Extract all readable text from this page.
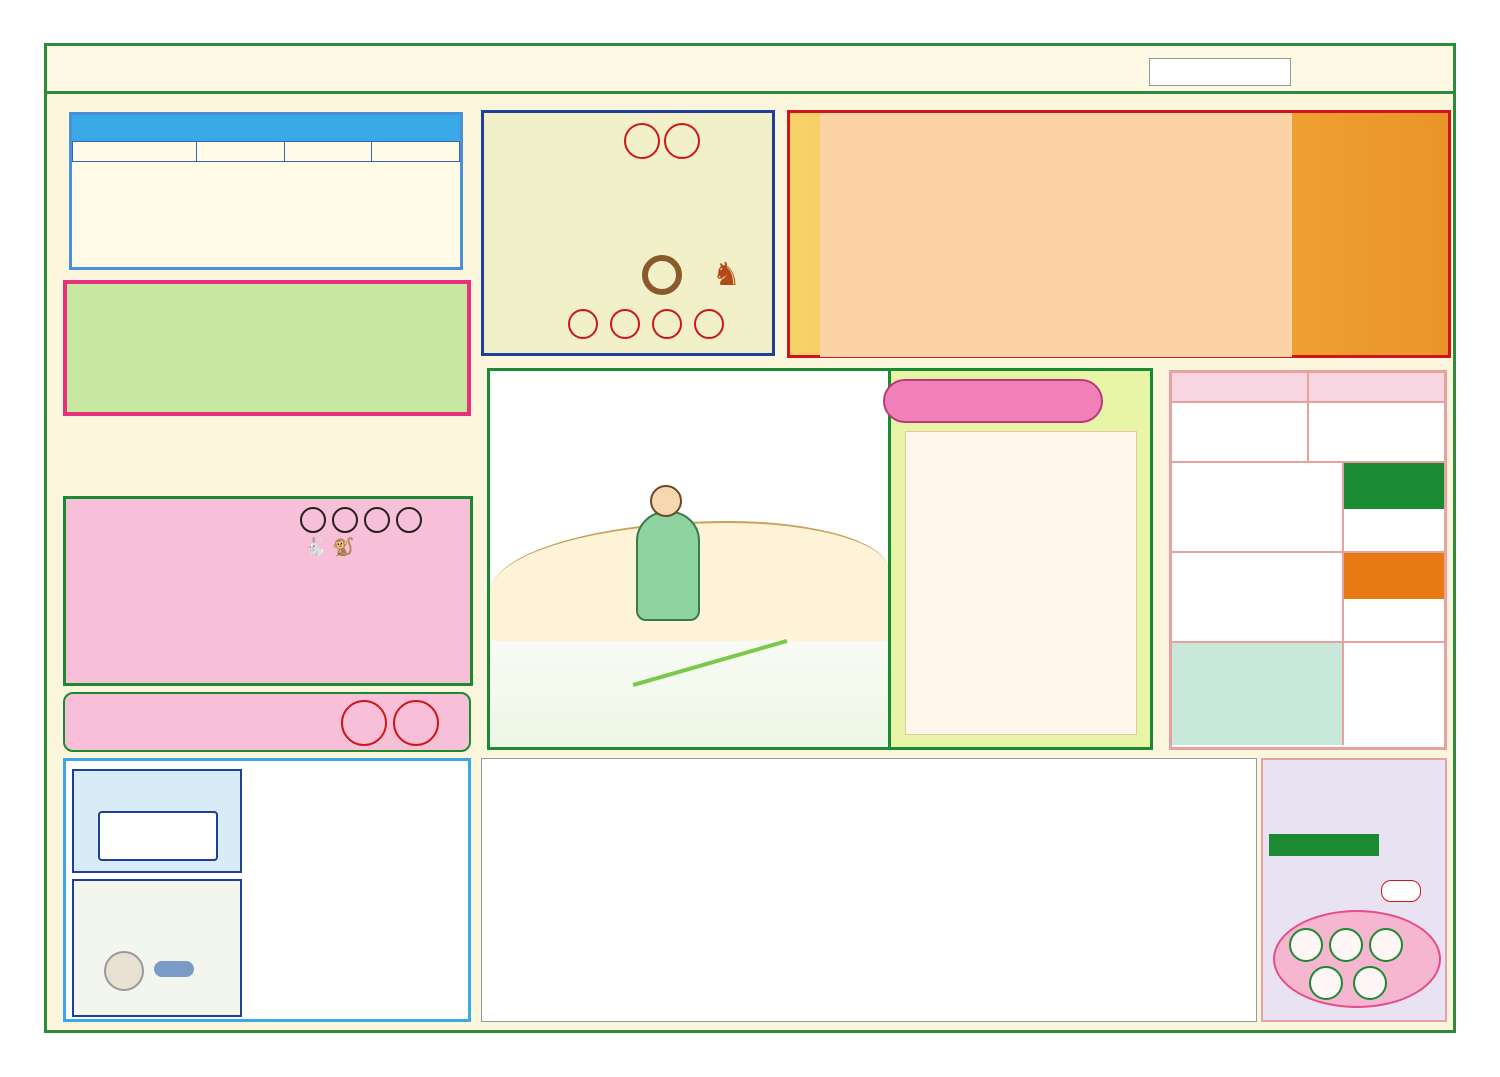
♞
🐇 🐒
